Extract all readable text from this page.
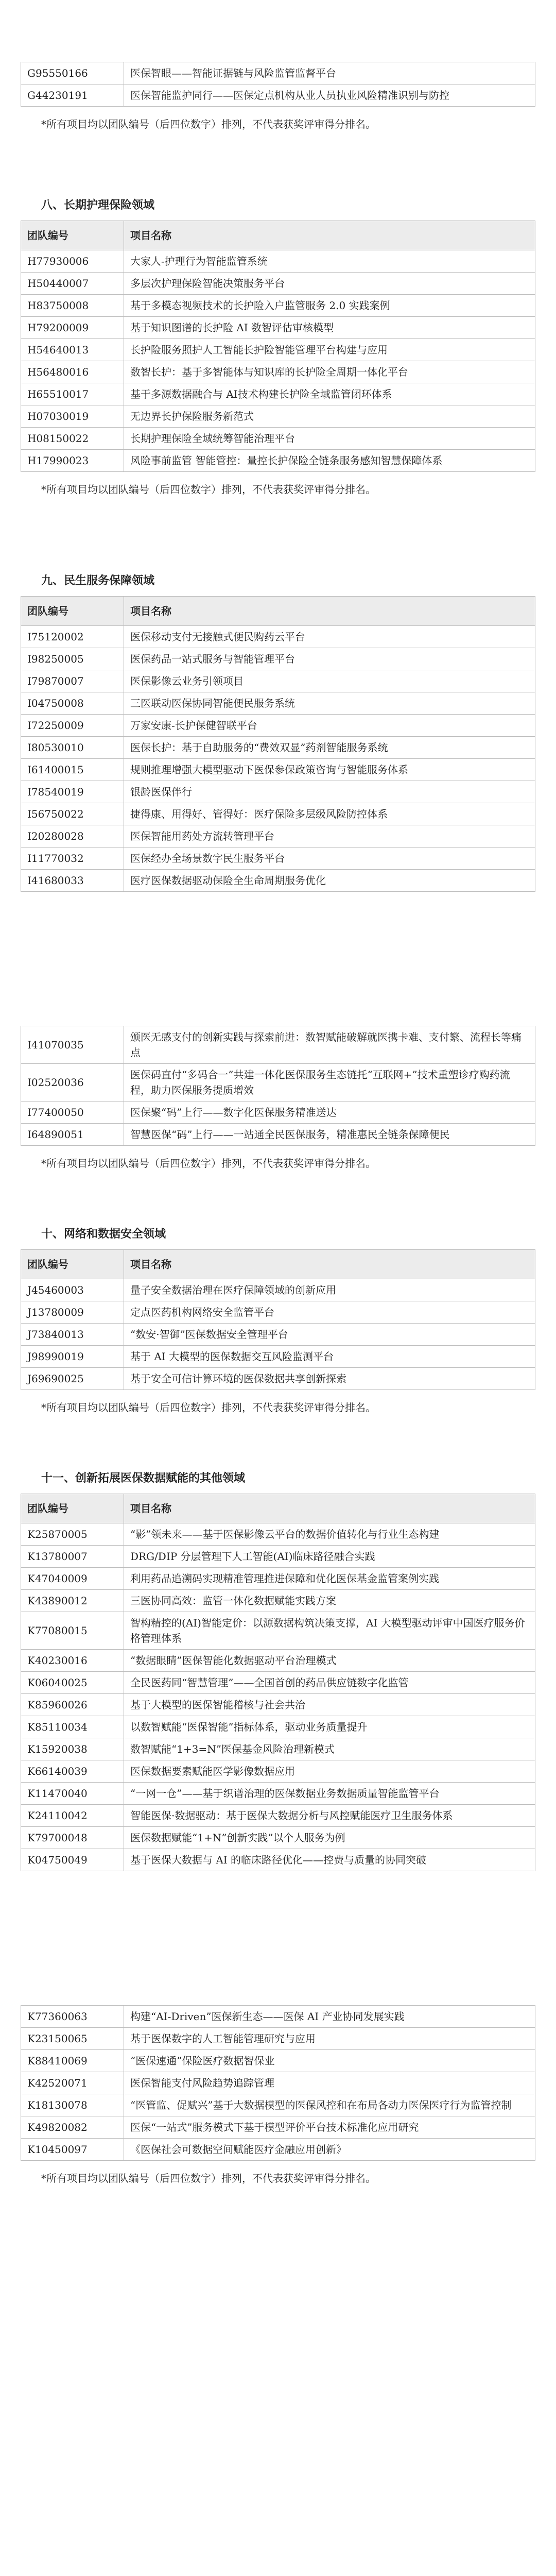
G95550166	医保智眼——智能证据链与风险监管监督平台
G44230191	医保智能监护同行——医保定点机构从业人员执业风险精准识别与防控

*所有项目均以团队编号（后四位数字）排列，不代表获奖评审得分排名。

八、长期护理保险领域
团队编号	项目名称
H77930006	大家人-护理行为智能监管系统
H50440007	多层次护理保险智能决策服务平台
H83750008	基于多模态视频技术的长护险入户监管服务 2.0 实践案例
H79200009	基于知识图谱的长护险 AI 数智评估审核模型
H54640013	长护险服务照护人工智能长护险智能管理平台构建与应用
H56480016	数智长护：基于多智能体与知识库的长护险全周期一体化平台
H65510017	基于多源数据融合与 AI技术构建长护险全域监管闭环体系
H07030019	无边界长护保险服务新范式
H08150022	长期护理保险全域统筹智能治理平台
H17990023	风险事前监管 智能管控：量控长护保险全链条服务感知智慧保障体系

*所有项目均以团队编号（后四位数字）排列，不代表获奖评审得分排名。

九、民生服务保障领域
团队编号	项目名称
I75120002	医保移动支付无接触式便民购药云平台
I98250005	医保药品一站式服务与智能管理平台
I79870007	医保影像云业务引领项目
I04750008	三医联动医保协同智能便民服务系统
I72250009	万家安康-长护保健智联平台
I80530010	医保长护：基于自助服务的“费效双显”药剂智能服务系统
I61400015	规则推理增强大模型驱动下医保参保政策咨询与智能服务体系
I78540019	银龄医保伴行
I56750022	捷得康、用得好、管得好：医疗保险多层级风险防控体系
I20280028	医保智能用药处方流转管理平台
I11770032	医保经办全场景数字民生服务平台
I41680033	医疗医保数据驱动保险全生命周期服务优化
I41070035	颁医无感支付的创新实践与探索前进：数智赋能破解就医携卡难、支付繁、流程长等痛点
I02520036	医保码直付“多码合一”共建一体化医保服务生态链托“互联网+”技术重塑诊疗购药流程，助力医保服务提质增效
I77400050	医保聚“码”上行——数字化医保服务精准送达
I64890051	智慧医保“码”上行——一站通全民医保服务，精准惠民全链条保障便民

*所有项目均以团队编号（后四位数字）排列，不代表获奖评审得分排名。

十、网络和数据安全领域
团队编号	项目名称
J45460003	量子安全数据治理在医疗保障领域的创新应用
J13780009	定点医药机构网络安全监管平台
J73840013	“数安·智御”医保数据安全管理平台
J98990019	基于 AI 大模型的医保数据交互风险监测平台
J69690025	基于安全可信计算环境的医保数据共享创新探索

*所有项目均以团队编号（后四位数字）排列，不代表获奖评审得分排名。

十一、创新拓展医保数据赋能的其他领域
团队编号	项目名称
K25870005	“影”领未来——基于医保影像云平台的数据价值转化与行业生态构建
K13780007	DRG/DIP 分层管理下人工智能(AI)临床路径融合实践
K47040009	利用药品追溯码实现精准管理推进保障和优化医保基金监管案例实践
K43890012	三医协同高效：监管一体化数据赋能实践方案
K77080015	智构精控的(AI)智能定价：以源数据构筑决策支撑，AI 大模型驱动评审中国医疗服务价格管理体系
K40230016	“数据眼睛”医保智能化数据驱动平台治理模式
K06040025	全民医药同“智慧管理”——全国首创的药品供应链数字化监管
K85960026	基于大模型的医保智能稽核与社会共治
K85110034	以数智赋能“医保智能”指标体系，驱动业务质量提升
K15920038	数智赋能“1+3=N”医保基金风险治理新模式
K66140039	医保数据要素赋能医学影像数据应用
K11470040	“一网一仓”——基于织谱治理的医保数据业务数据质量智能监管平台
K24110042	智能医保·数据驱动：基于医保大数据分析与风控赋能医疗卫生服务体系
K79700048	医保数据赋能“1+N”创新实践”以个人服务为例
K04750049	基于医保大数据与 AI 的临床路径优化——控费与质量的协同突破
K77360063	构建“AI-Driven”医保新生态——医保 AI 产业协同发展实践
K23150065	基于医保数字的人工智能管理研究与应用
K88410069	“医保速通”保险医疗数据智保业
K42520071	医保智能支付风险趋势追踪管理
K18130078	“医管监、促赋兴”基于大数据模型的医保风控和在布局各动力医保医疗行为监管控制
K49820082	医保“一站式”服务模式下基于模型评价平台技术标准化应用研究
K10450097	《医保社会可数据空间赋能医疗金融应用创新》

*所有项目均以团队编号（后四位数字）排列，不代表获奖评审得分排名。
